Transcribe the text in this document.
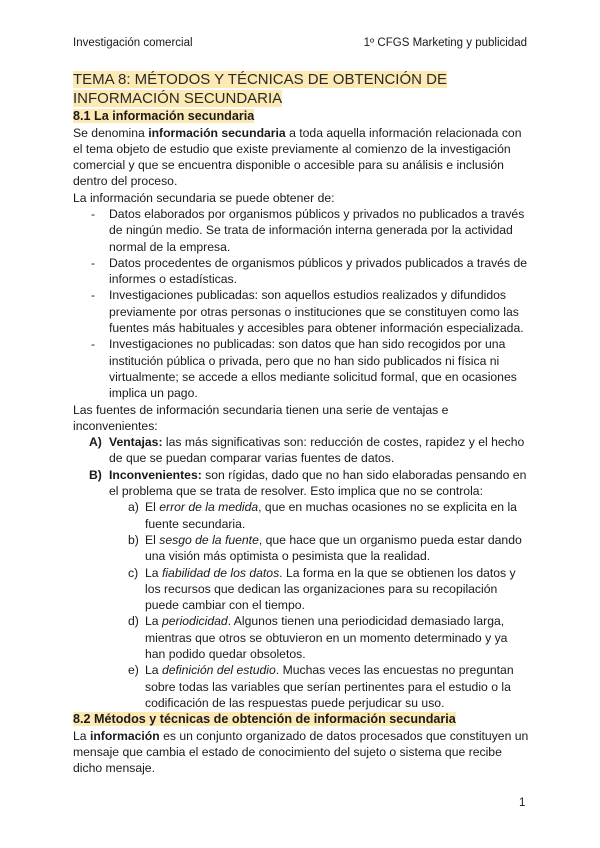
Investigación comercial	1º CFGS Marketing y publicidad
TEMA 8: MÉTODOS Y TÉCNICAS DE OBTENCIÓN DE
INFORMACIÓN SECUNDARIA
8.1 La información secundaria

Se denomina información secundaria a toda aquella información relacionada con el tema objeto de estudio que existe previamente al comienzo de la investigación comercial y que se encuentra disponible o accesible para su análisis e inclusión dentro del proceso.

La información secundaria se puede obtener de:

- Datos elaborados por organismos públicos y privados no publicados a través de ningún medio. Se trata de información interna generada por la actividad normal de la empresa.
- Datos procedentes de organismos públicos y privados publicados a través de informes o estadísticas.
- Investigaciones publicadas: son aquellos estudios realizados y difundidos previamente por otras personas o instituciones que se constituyen como las fuentes más habituales y accesibles para obtener información especializada.
- Investigaciones no publicadas: son datos que han sido recogidos por una institución pública o privada, pero que no han sido publicados ni física ni virtualmente; se accede a ellos mediante solicitud formal, que en ocasiones implica un pago.

Las fuentes de información secundaria tienen una serie de ventajas e inconvenientes:

A) Ventajas: las más significativas son: reducción de costes, rapidez y el hecho de que se puedan comparar varias fuentes de datos.
B) Inconvenientes: son rígidas, dado que no han sido elaboradas pensando en el problema que se trata de resolver. Esto implica que no se controla:
a) El error de la medida, que en muchas ocasiones no se explicita en la fuente secundaria.
b) El sesgo de la fuente, que hace que un organismo pueda estar dando una visión más optimista o pesimista que la realidad.
c) La fiabilidad de los datos. La forma en la que se obtienen los datos y los recursos que dedican las organizaciones para su recopilación puede cambiar con el tiempo.
d) La periodicidad. Algunos tienen una periodicidad demasiado larga, mientras que otros se obtuvieron en un momento determinado y ya han podido quedar obsoletos.
e) La definición del estudio. Muchas veces las encuestas no preguntan sobre todas las variables que serían pertinentes para el estudio o la codificación de las respuestas puede perjudicar su uso.
8.2 Métodos y técnicas de obtención de información secundaria

La información es un conjunto organizado de datos procesados que constituyen un mensaje que cambia el estado de conocimiento del sujeto o sistema que recibe dicho mensaje.

1
